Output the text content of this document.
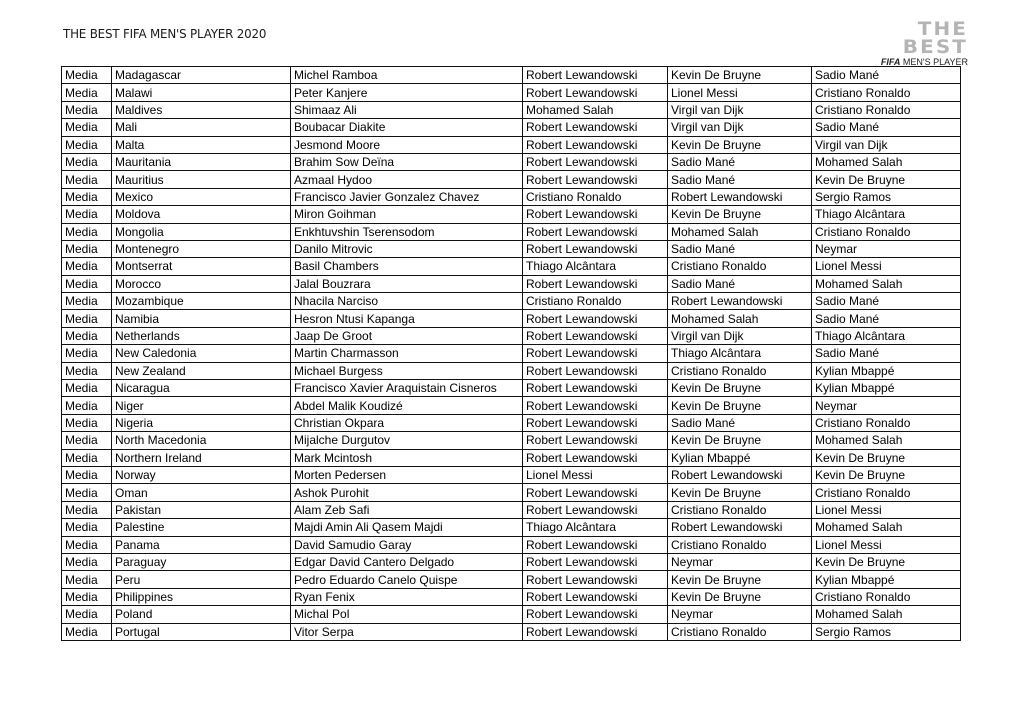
THE BEST FIFA MEN'S PLAYER 2020	THE BEST
FIFA MEN'S PLAYER
Media	Madagascar	Michel Ramboa	Robert Lewandowski	Kevin De Bruyne	Sadio Mané
Media	Malawi	Peter Kanjere	Robert Lewandowski	Lionel Messi	Cristiano Ronaldo
Media	Maldives	Shimaaz Ali	Mohamed Salah	Virgil van Dijk	Cristiano Ronaldo
Media	Mali	Boubacar Diakite	Robert Lewandowski	Virgil van Dijk	Sadio Mané
Media	Malta	Jesmond Moore	Robert Lewandowski	Kevin De Bruyne	Virgil van Dijk
Media	Mauritania	Brahim Sow Deïna	Robert Lewandowski	Sadio Mané	Mohamed Salah
Media	Mauritius	Azmaal Hydoo	Robert Lewandowski	Sadio Mané	Kevin De Bruyne
Media	Mexico	Francisco Javier Gonzalez Chavez	Cristiano Ronaldo	Robert Lewandowski	Sergio Ramos
Media	Moldova	Miron Goihman	Robert Lewandowski	Kevin De Bruyne	Thiago Alcântara
Media	Mongolia	Enkhtuvshin Tserensodom	Robert Lewandowski	Mohamed Salah	Cristiano Ronaldo
Media	Montenegro	Danilo Mitrovic	Robert Lewandowski	Sadio Mané	Neymar
Media	Montserrat	Basil Chambers	Thiago Alcântara	Cristiano Ronaldo	Lionel Messi
Media	Morocco	Jalal Bouzrara	Robert Lewandowski	Sadio Mané	Mohamed Salah
Media	Mozambique	Nhacila Narciso	Cristiano Ronaldo	Robert Lewandowski	Sadio Mané
Media	Namibia	Hesron Ntusi Kapanga	Robert Lewandowski	Mohamed Salah	Sadio Mané
Media	Netherlands	Jaap De Groot	Robert Lewandowski	Virgil van Dijk	Thiago Alcântara
Media	New Caledonia	Martin Charmasson	Robert Lewandowski	Thiago Alcântara	Sadio Mané
Media	New Zealand	Michael Burgess	Robert Lewandowski	Cristiano Ronaldo	Kylian Mbappé
Media	Nicaragua	Francisco Xavier Araquistain Cisneros	Robert Lewandowski	Kevin De Bruyne	Kylian Mbappé
Media	Niger	Abdel Malik Koudizé	Robert Lewandowski	Kevin De Bruyne	Neymar
Media	Nigeria	Christian Okpara	Robert Lewandowski	Sadio Mané	Cristiano Ronaldo
Media	North Macedonia	Mijalche Durgutov	Robert Lewandowski	Kevin De Bruyne	Mohamed Salah
Media	Northern Ireland	Mark Mcintosh	Robert Lewandowski	Kylian Mbappé	Kevin De Bruyne
Media	Norway	Morten Pedersen	Lionel Messi	Robert Lewandowski	Kevin De Bruyne
Media	Oman	Ashok Purohit	Robert Lewandowski	Kevin De Bruyne	Cristiano Ronaldo
Media	Pakistan	Alam Zeb Safi	Robert Lewandowski	Cristiano Ronaldo	Lionel Messi
Media	Palestine	Majdi Amin Ali Qasem Majdi	Thiago Alcântara	Robert Lewandowski	Mohamed Salah
Media	Panama	David Samudio Garay	Robert Lewandowski	Cristiano Ronaldo	Lionel Messi
Media	Paraguay	Edgar David Cantero Delgado	Robert Lewandowski	Neymar	Kevin De Bruyne
Media	Peru	Pedro Eduardo Canelo Quispe	Robert Lewandowski	Kevin De Bruyne	Kylian Mbappé
Media	Philippines	Ryan Fenix	Robert Lewandowski	Kevin De Bruyne	Cristiano Ronaldo
Media	Poland	Michal Pol	Robert Lewandowski	Neymar	Mohamed Salah
Media	Portugal	Vitor Serpa	Robert Lewandowski	Cristiano Ronaldo	Sergio Ramos
